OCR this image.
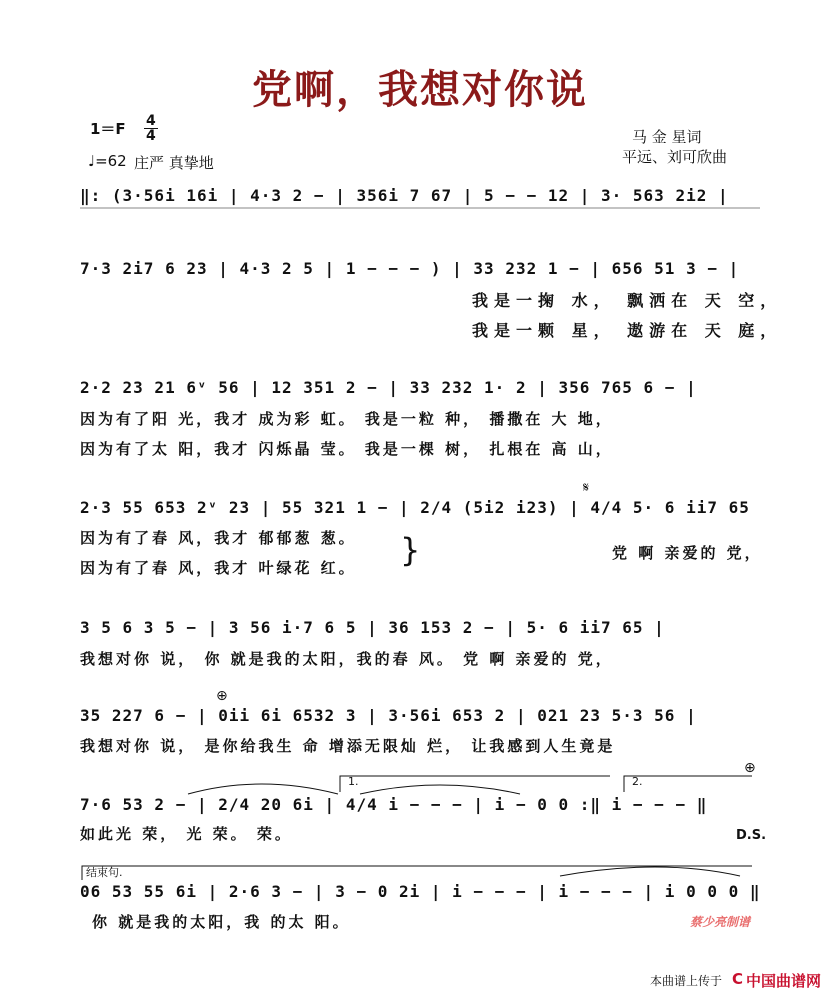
党啊，我想对你说
$1=F \frac{4}{4}$
♩=62 庄严 真挚地
马 金 星词
平远、刘可欣曲
‖: (3·56i 16i | 4·3 2 − | 356i 7 67 | 5 − − 12 | 3· 563 2i2 |
7·3 2i7 6 23 | 4·3 2 5 | 1 − − − ) | 33 232 1 − | 656 51 3 − |
我是一掬 水， 飘洒在 天 空，
我是一颗 星， 遨游在 天 庭，
2·2 23 21 6ᵛ 56 | 12 351 2 − | 33 232 1· 2 | 356 765 6 − |
因为有了阳 光，我才 成为彩 虹。 我是一粒 种， 播撒在 大 地，
因为有了太 阳，我才 闪烁晶 莹。 我是一棵 树， 扎根在 高 山，
2·3 55 653 2ᵛ 23 | 55 321 1 − | 2/4 (5i2 i23) | 4/4 5· 6 ii7 65
𝄋
因为有了春 风，我才 郁郁葱 葱。
因为有了春 风，我才 叶绿花 红。 }	党 啊 亲爱的 党，
3 5 6 3 5 − | 3 56 i·7 6 5 | 36 153 2 − | 5· 6 ii7 65 |
我想对你 说， 你 就是我的太阳，我的春 风。 党 啊 亲爱的 党，
⊕
35 227 6 − | 0ii 6i 6532 3 | 3·56i 653 2 | 021 23 5·3 56 |
我想对你 说， 是你给我生 命 增添无限灿 烂， 让我感到人生竟是
1.	2.
⊕
7·6 53 2 − | 2/4 20 6i | 4/4 i − − − | i − 0 0 :‖ i − − − ‖
如此光 荣， 光 荣。 荣。	D.S.
结束句.
06 53 55 6i | 2·6 3 − | 3 − 0 2i | i − − − | i − − − | i 0 0 0 ‖
你 就是我的太阳，我 的太 阳。	蔡少亮制谱
本曲谱上传于 C 中国曲谱网
